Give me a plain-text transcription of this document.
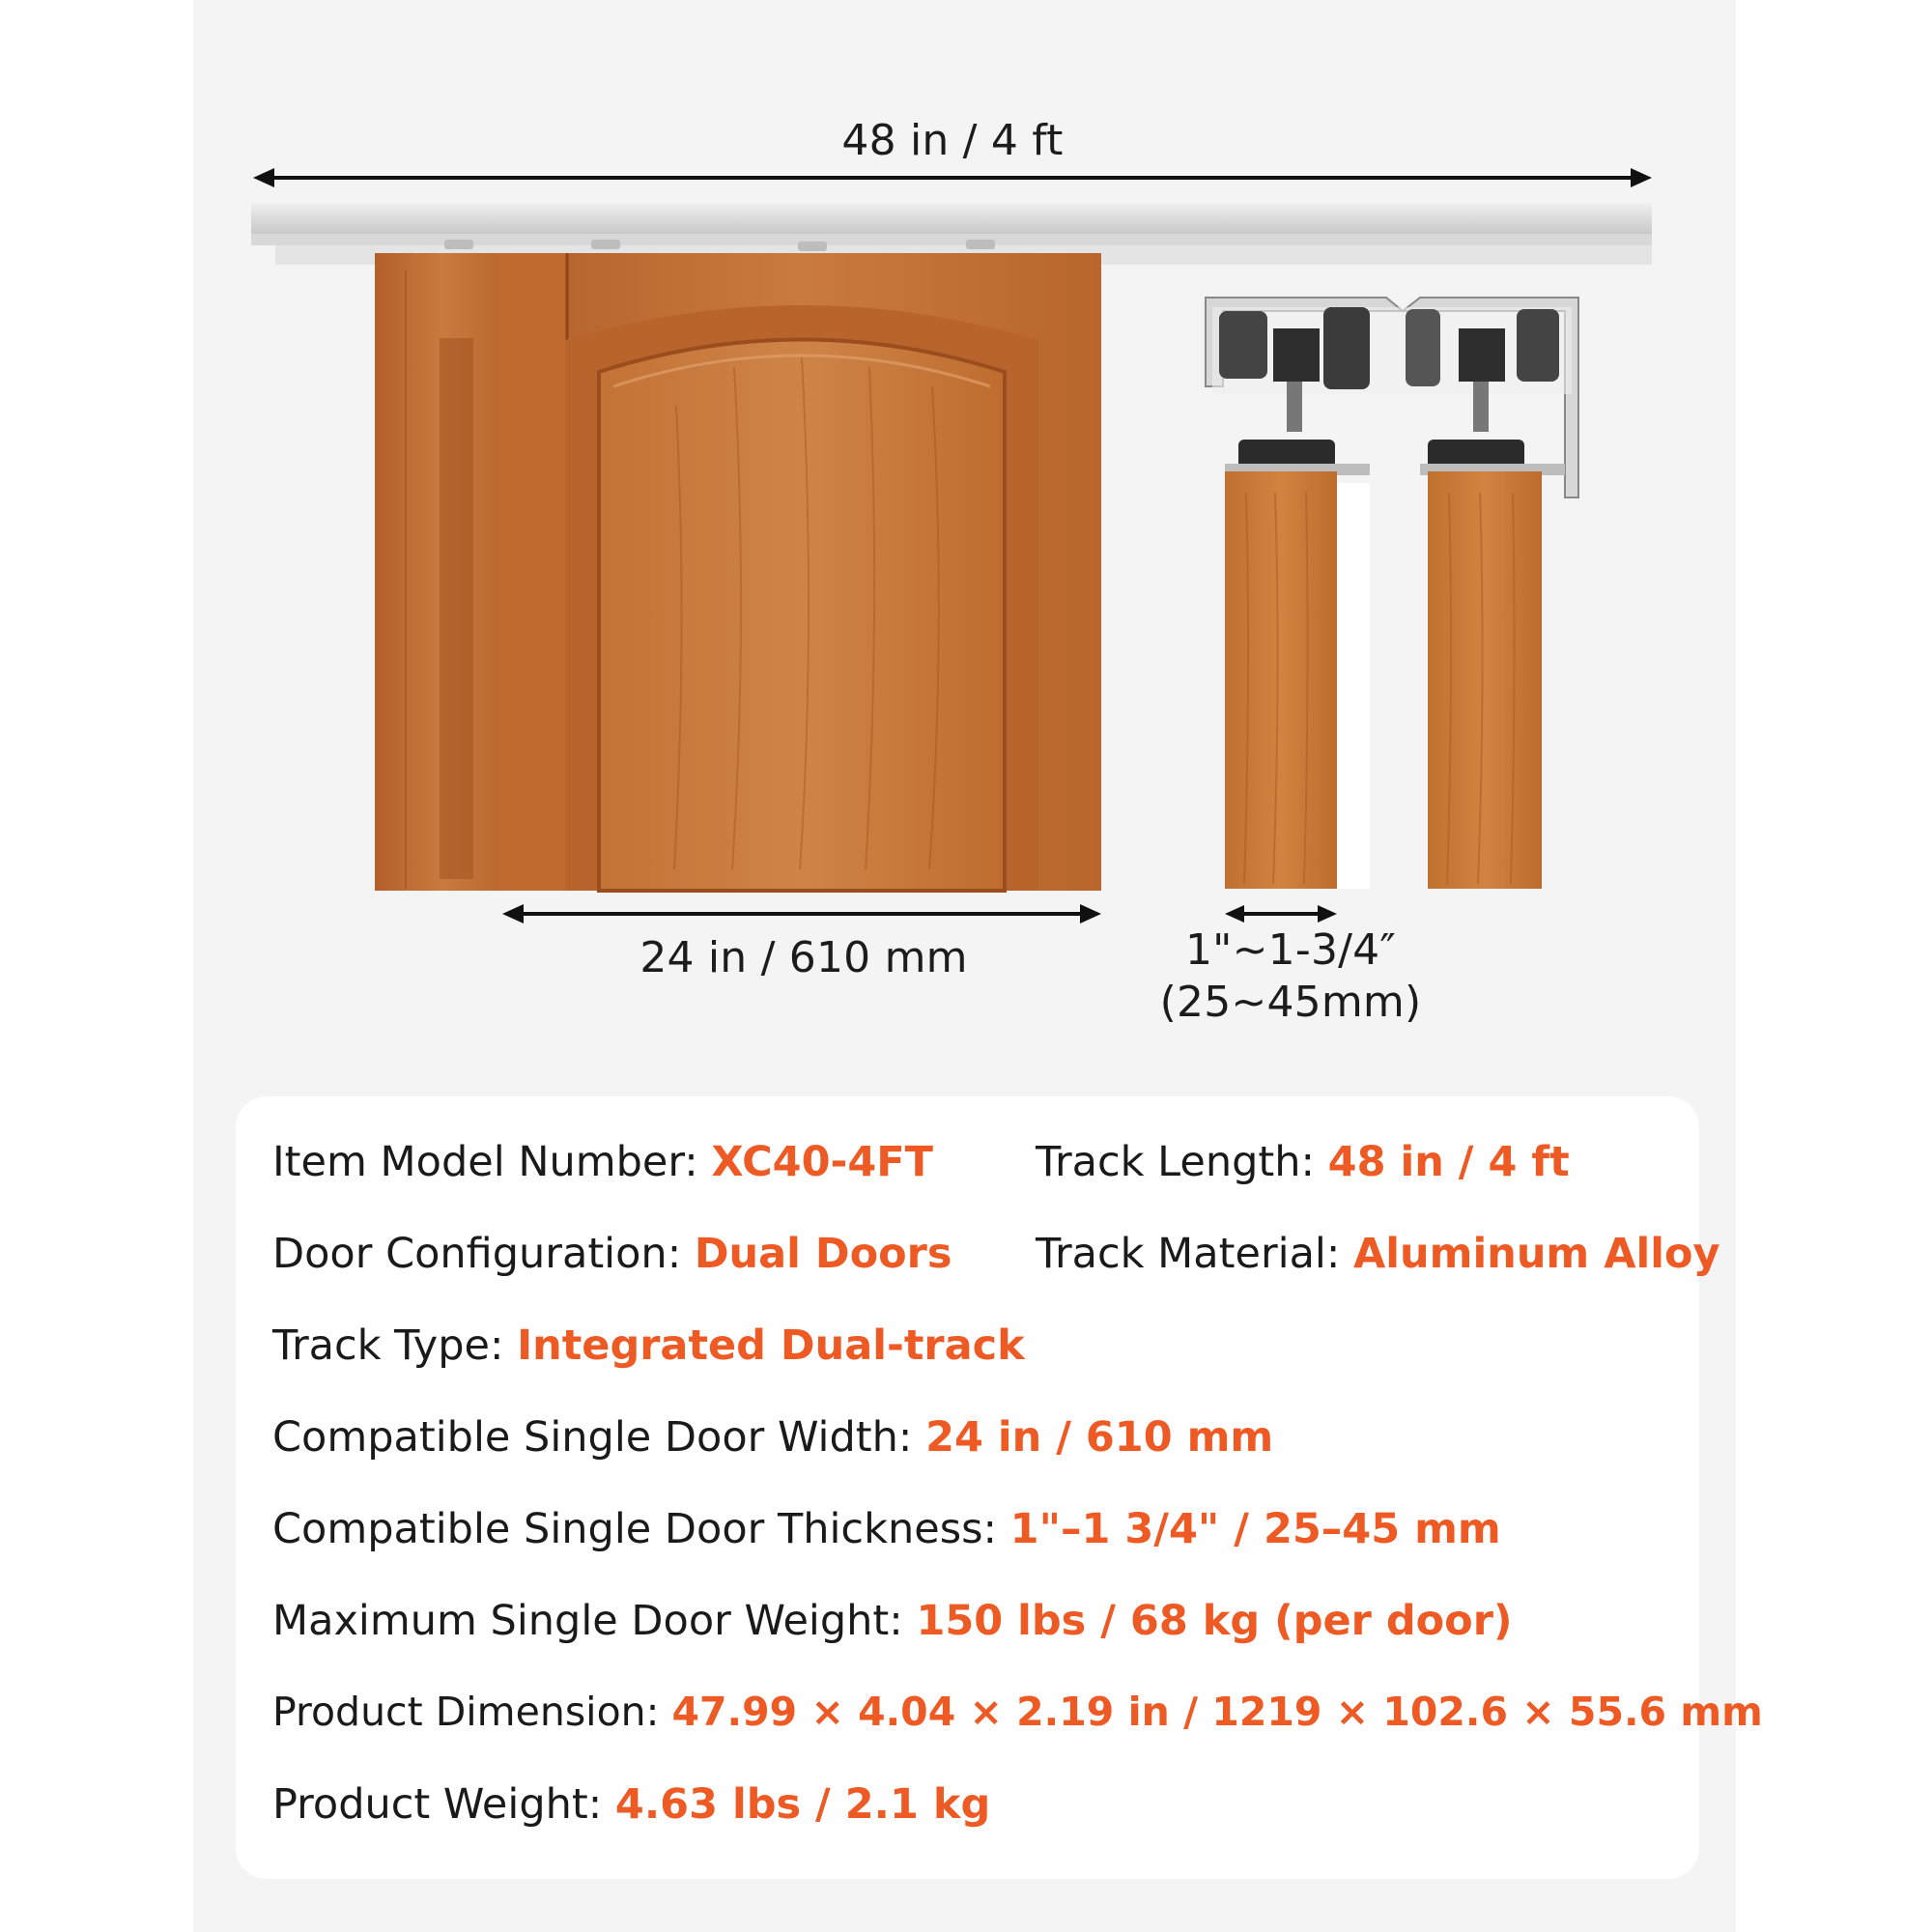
48 in / 4 ft
24 in / 610 mm	1"~1-3/4″
(25~45mm)
Item Model Number: XC40-4FT Track Length: 48 in / 4 ft
Door Configuration: Dual Doors Track Material: Aluminum Alloy
Track Type: Integrated Dual-track
Compatible Single Door Width: 24 in / 610 mm
Compatible Single Door Thickness: 1"–1 3/4" / 25–45 mm
Maximum Single Door Weight: 150 lbs / 68 kg (per door)
Product Dimension: 47.99 × 4.04 × 2.19 in / 1219 × 102.6 × 55.6 mm
Product Weight: 4.63 lbs / 2.1 kg
